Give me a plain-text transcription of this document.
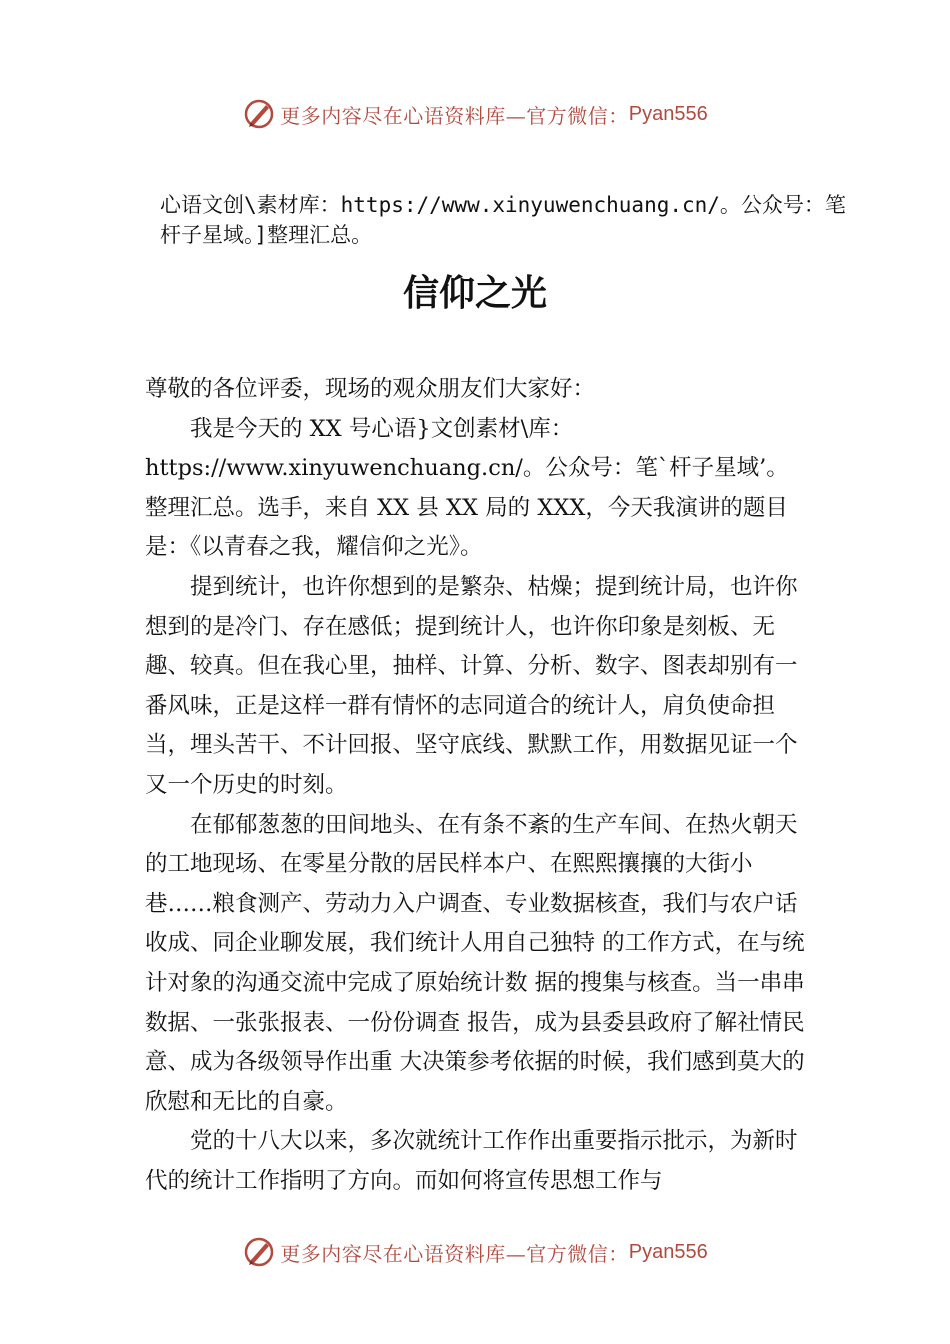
更多内容尽在心语资料库—官方微信： Pyan556
心语文创\素材库：https://www.xinyuwenchuang.cn/。公众号：笔杆子星域。]整理汇总。
信仰之光

尊敬的各位评委，现场的观众朋友们大家好：

我是今天的 XX 号心语}文创素材\库：https://www.xinyuwenchuang.cn/。公众号：笔`杆子星域’。整理汇总。选手，来自 XX 县 XX 局的 XXX，今天我演讲的题目是：《以青春之我，耀信仰之光》。

提到统计，也许你想到的是繁杂、枯燥；提到统计局，也许你想到的是冷门、存在感低；提到统计人，也许你印象是刻板、无趣、较真。但在我心里，抽样、计算、分析、数字、图表却别有一番风味，正是这样一群有情怀的志同道合的统计人，肩负使命担当，埋头苦干、不计回报、坚守底线、默默工作，用数据见证一个又一个历史的时刻。

在郁郁葱葱的田间地头、在有条不紊的生产车间、在热火朝天的工地现场、在零星分散的居民样本户、在熙熙攘攘的大街小巷……粮食测产、劳动力入户调查、专业数据核查，我们与农户话收成、同企业聊发展，我们统计人用自己独特 的工作方式，在与统计对象的沟通交流中完成了原始统计数 据的搜集与核查。当一串串数据、一张张报表、一份份调查 报告，成为县委县政府了解社情民意、成为各级领导作出重 大决策参考依据的时候，我们感到莫大的欣慰和无比的自豪。

党的十八大以来，多次就统计工作作出重要指示批示，为新时代的统计工作指明了方向。而如何将宣传思想工作与

更多内容尽在心语资料库—官方微信： Pyan556
